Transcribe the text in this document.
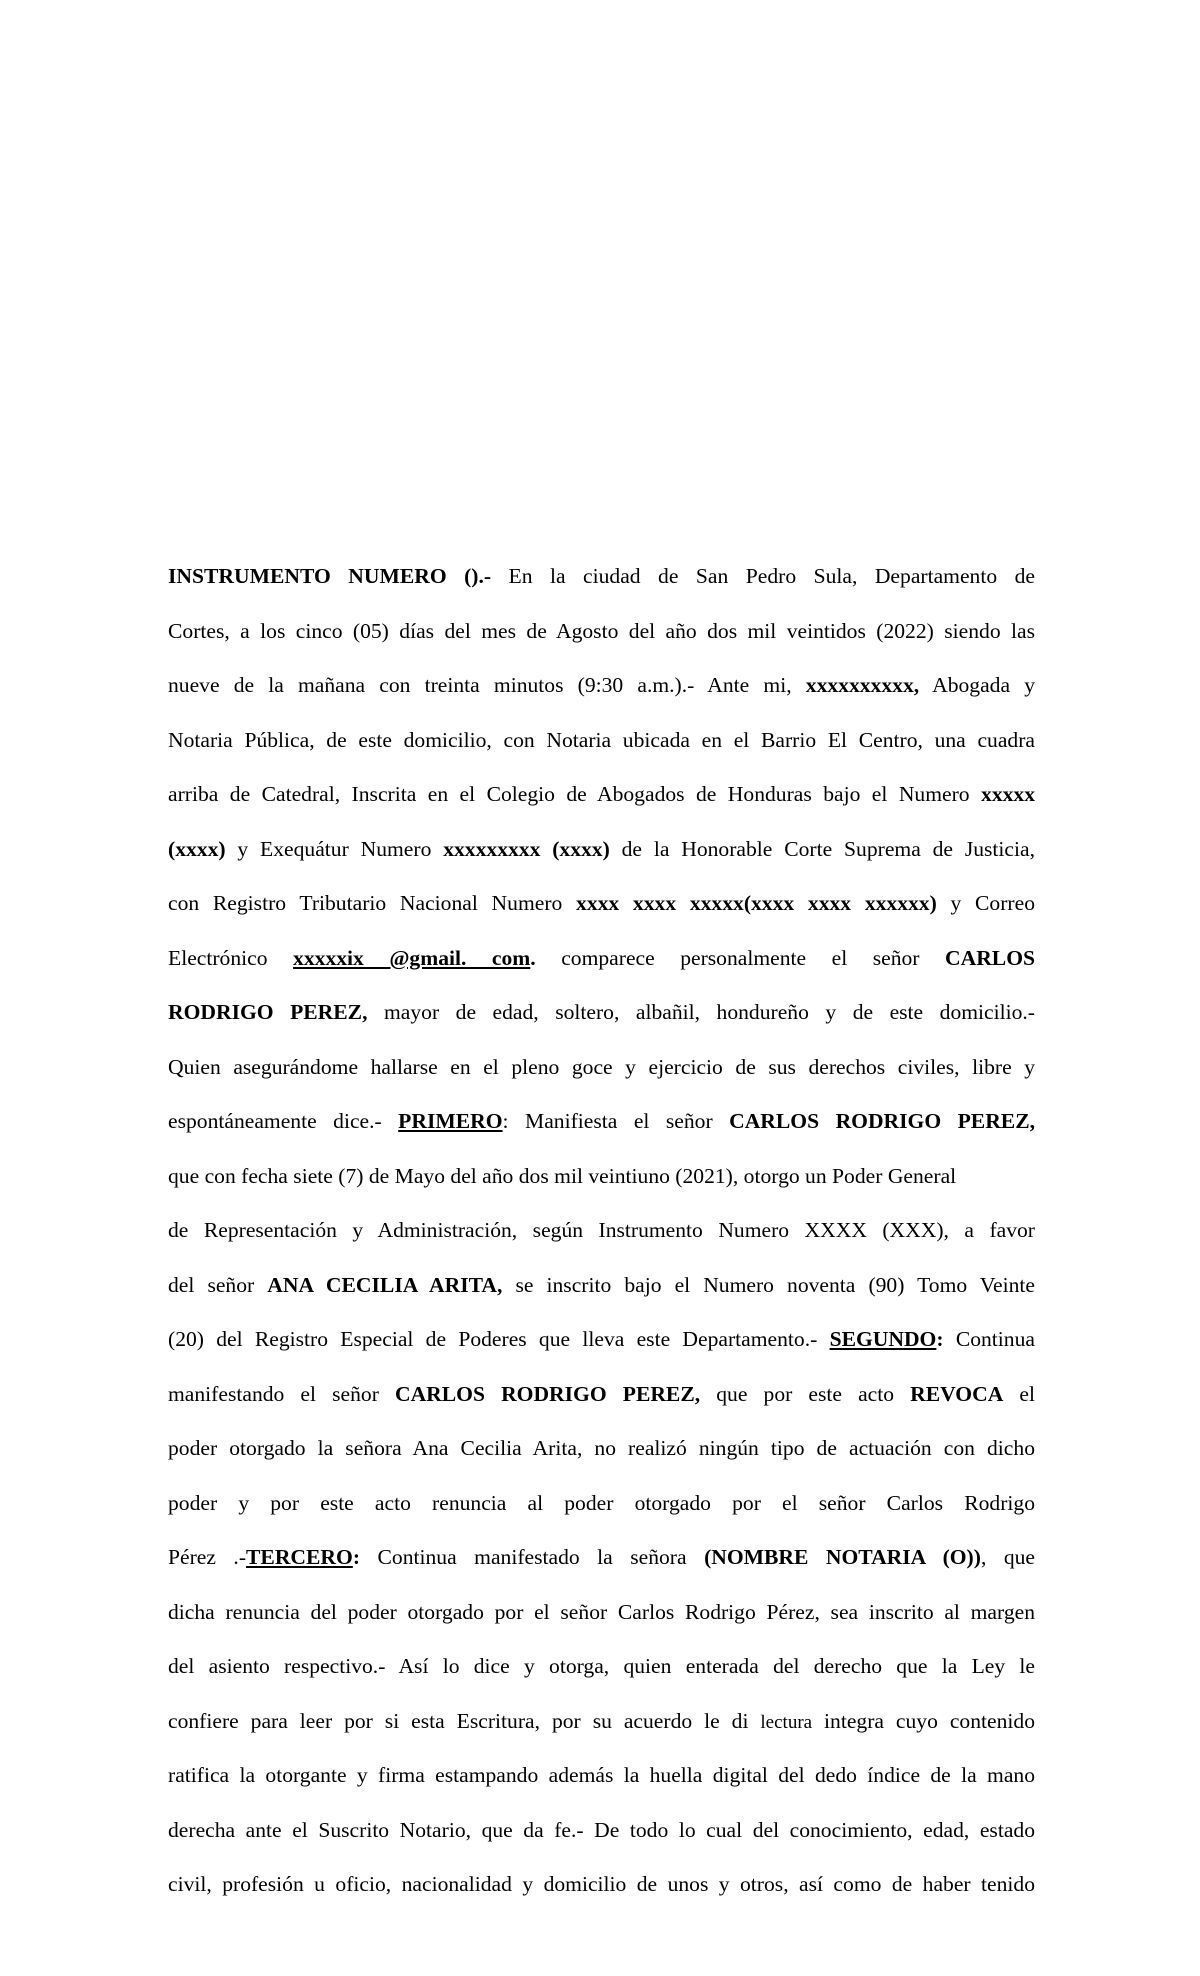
INSTRUMENTO NUMERO ().- En la ciudad de San Pedro Sula, Departamento de
Cortes, a los cinco (05) días del mes de Agosto del año dos mil veintidos (2022) siendo las
nueve de la mañana con treinta minutos (9:30 a.m.).- Ante mi, xxxxxxxxxx, Abogada y
Notaria Pública, de este domicilio, con Notaria ubicada en el Barrio El Centro, una cuadra
arriba de Catedral, Inscrita en el Colegio de Abogados de Honduras bajo el Numero xxxxx
(xxxx) y Exequátur Numero xxxxxxxxx (xxxx) de la Honorable Corte Suprema de Justicia,
con Registro Tributario Nacional Numero xxxx xxxx xxxxx(xxxx xxxx xxxxxx) y Correo
Electrónico xxxxxix @gmail. com. comparece personalmente el señor CARLOS
RODRIGO PEREZ, mayor de edad, soltero, albañil, hondureño y de este domicilio.-
Quien asegurándome hallarse en el pleno goce y ejercicio de sus derechos civiles, libre y
espontáneamente dice.- PRIMERO: Manifiesta el señor CARLOS RODRIGO PEREZ,
que con fecha siete (7) de Mayo del año dos mil veintiuno (2021), otorgo un Poder General
de Representación y Administración, según Instrumento Numero XXXX (XXX), a favor
del señor ANA CECILIA ARITA, se inscrito bajo el Numero noventa (90) Tomo Veinte
(20) del Registro Especial de Poderes que lleva este Departamento.- SEGUNDO: Continua
manifestando el señor CARLOS RODRIGO PEREZ, que por este acto REVOCA el
poder otorgado la señora Ana Cecilia Arita, no realizó ningún tipo de actuación con dicho
poder y por este acto renuncia al poder otorgado por el señor Carlos Rodrigo
Pérez .-TERCERO: Continua manifestado la señora (NOMBRE NOTARIA (O)), que
dicha renuncia del poder otorgado por el señor Carlos Rodrigo Pérez, sea inscrito al margen
del asiento respectivo.- Así lo dice y otorga, quien enterada del derecho que la Ley le
confiere para leer por si esta Escritura, por su acuerdo le di lectura integra cuyo contenido
ratifica la otorgante y firma estampando además la huella digital del dedo índice de la mano
derecha ante el Suscrito Notario, que da fe.- De todo lo cual del conocimiento, edad, estado
civil, profesión u oficio, nacionalidad y domicilio de unos y otros, así como de haber tenido
